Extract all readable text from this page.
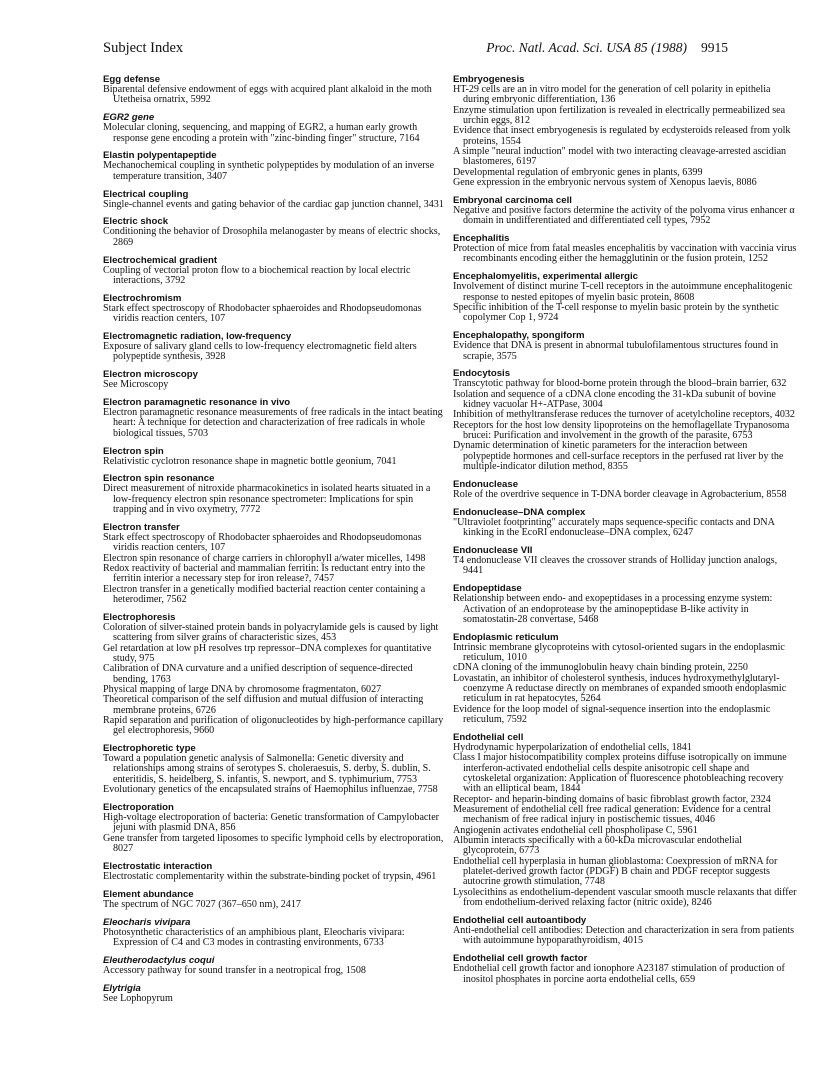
Subject Index	Proc. Natl. Acad. Sci. USA 85 (1988) 9915
Egg defense
Biparental defensive endowment of eggs with acquired plant alkaloid in the moth Utetheisa ornatrix, 5992
EGR2 gene
Molecular cloning, sequencing, and mapping of EGR2, a human early growth response gene encoding a protein with "zinc-binding finger" structure, 7164
Elastin polypentapeptide
Mechanochemical coupling in synthetic polypeptides by modulation of an inverse temperature transition, 3407
Electrical coupling
Single-channel events and gating behavior of the cardiac gap junction channel, 3431
Electric shock
Conditioning the behavior of Drosophila melanogaster by means of electric shocks, 2869
Electrochemical gradient
Coupling of vectorial proton flow to a biochemical reaction by local electric interactions, 3792
Electrochromism
Stark effect spectroscopy of Rhodobacter sphaeroides and Rhodopseudomonas viridis reaction centers, 107
Electromagnetic radiation, low-frequency
Exposure of salivary gland cells to low-frequency electromagnetic field alters polypeptide synthesis, 3928
Electron microscopy
See Microscopy
Electron paramagnetic resonance in vivo
Electron paramagnetic resonance measurements of free radicals in the intact beating heart: A technique for detection and characterization of free radicals in whole biological tissues, 5703
Electron spin
Relativistic cyclotron resonance shape in magnetic bottle geonium, 7041
Electron spin resonance
Direct measurement of nitroxide pharmacokinetics in isolated hearts situated in a low-frequency electron spin resonance spectrometer: Implications for spin trapping and in vivo oxymetry, 7772
Electron transfer
Stark effect spectroscopy of Rhodobacter sphaeroides and Rhodopseudomonas viridis reaction centers, 107
Electron spin resonance of charge carriers in chlorophyll a/water micelles, 1498
Redox reactivity of bacterial and mammalian ferritin: Is reductant entry into the ferritin interior a necessary step for iron release?, 7457
Electron transfer in a genetically modified bacterial reaction center containing a heterodimer, 7562
Electrophoresis
Coloration of silver-stained protein bands in polyacrylamide gels is caused by light scattering from silver grains of characteristic sizes, 453
Gel retardation at low pH resolves trp repressor–DNA complexes for quantitative study, 975
Calibration of DNA curvature and a unified description of sequence-directed bending, 1763
Physical mapping of large DNA by chromosome fragmentaton, 6027
Theoretical comparison of the self diffusion and mutual diffusion of interacting membrane proteins, 6726
Rapid separation and purification of oligonucleotides by high-performance capillary gel electrophoresis, 9660
Electrophoretic type
Toward a population genetic analysis of Salmonella: Genetic diversity and relationships among strains of serotypes S. choleraesuis, S. derby, S. dublin, S. enteritidis, S. heidelberg, S. infantis, S. newport, and S. typhimurium, 7753
Evolutionary genetics of the encapsulated strains of Haemophilus influenzae, 7758
Electroporation
High-voltage electroporation of bacteria: Genetic transformation of Campylobacter jejuni with plasmid DNA, 856
Gene transfer from targeted liposomes to specific lymphoid cells by electroporation, 8027
Electrostatic interaction
Electrostatic complementarity within the substrate-binding pocket of trypsin, 4961
Element abundance
The spectrum of NGC 7027 (367–650 nm), 2417
Eleocharis vivipara
Photosynthetic characteristics of an amphibious plant, Eleocharis vivipara: Expression of C4 and C3 modes in contrasting environments, 6733
Eleutherodactylus coqui
Accessory pathway for sound transfer in a neotropical frog, 1508
Elytrigia
See Lophopyrum
Embryogenesis
HT-29 cells are an in vitro model for the generation of cell polarity in epithelia during embryonic differentiation, 136
Enzyme stimulation upon fertilization is revealed in electrically permeabilized sea urchin eggs, 812
Evidence that insect embryogenesis is regulated by ecdysteroids released from yolk proteins, 1554
A simple "neural induction" model with two interacting cleavage-arrested ascidian blastomeres, 6197
Developmental regulation of embryonic genes in plants, 6399
Gene expression in the embryonic nervous system of Xenopus laevis, 8086
Embryonal carcinoma cell
Negative and positive factors determine the activity of the polyoma virus enhancer α domain in undifferentiated and differentiated cell types, 7952
Encephalitis
Protection of mice from fatal measles encephalitis by vaccination with vaccinia virus recombinants encoding either the hemagglutinin or the fusion protein, 1252
Encephalomyelitis, experimental allergic
Involvement of distinct murine T-cell receptors in the autoimmune encephalitogenic response to nested epitopes of myelin basic protein, 8608
Specific inhibition of the T-cell response to myelin basic protein by the synthetic copolymer Cop 1, 9724
Encephalopathy, spongiform
Evidence that DNA is present in abnormal tubulofilamentous structures found in scrapie, 3575
Endocytosis
Transcytotic pathway for blood-borne protein through the blood–brain barrier, 632
Isolation and sequence of a cDNA clone encoding the 31-kDa subunit of bovine kidney vacuolar H+-ATPase, 3004
Inhibition of methyltransferase reduces the turnover of acetylcholine receptors, 4032
Receptors for the host low density lipoproteins on the hemoflagellate Trypanosoma brucei: Purification and involvement in the growth of the parasite, 6753
Dynamic determination of kinetic parameters for the interaction between polypeptide hormones and cell-surface receptors in the perfused rat liver by the multiple-indicator dilution method, 8355
Endonuclease
Role of the overdrive sequence in T-DNA border cleavage in Agrobacterium, 8558
Endonuclease–DNA complex
"Ultraviolet footprinting" accurately maps sequence-specific contacts and DNA kinking in the EcoRI endonuclease–DNA complex, 6247
Endonuclease VII
T4 endonuclease VII cleaves the crossover strands of Holliday junction analogs, 9441
Endopeptidase
Relationship between endo- and exopeptidases in a processing enzyme system: Activation of an endoprotease by the aminopeptidase B-like activity in somatostatin-28 convertase, 5468
Endoplasmic reticulum
Intrinsic membrane glycoproteins with cytosol-oriented sugars in the endoplasmic reticulum, 1010
cDNA cloning of the immunoglobulin heavy chain binding protein, 2250
Lovastatin, an inhibitor of cholesterol synthesis, induces hydroxymethylglutaryl-coenzyme A reductase directly on membranes of expanded smooth endoplasmic reticulum in rat hepatocytes, 5264
Evidence for the loop model of signal-sequence insertion into the endoplasmic reticulum, 7592
Endothelial cell
Hydrodynamic hyperpolarization of endothelial cells, 1841
Class I major histocompatibility complex proteins diffuse isotropically on immune interferon-activated endothelial cells despite anisotropic cell shape and cytoskeletal organization: Application of fluorescence photobleaching recovery with an elliptical beam, 1844
Receptor- and heparin-binding domains of basic fibroblast growth factor, 2324
Measurement of endothelial cell free radical generation: Evidence for a central mechanism of free radical injury in postischemic tissues, 4046
Angiogenin activates endothelial cell phospholipase C, 5961
Albumin interacts specifically with a 60-kDa microvascular endothelial glycoprotein, 6773
Endothelial cell hyperplasia in human glioblastoma: Coexpression of mRNA for platelet-derived growth factor (PDGF) B chain and PDGF receptor suggests autocrine growth stimulation, 7748
Lysolecithins as endothelium-dependent vascular smooth muscle relaxants that differ from endothelium-derived relaxing factor (nitric oxide), 8246
Endothelial cell autoantibody
Anti-endothelial cell antibodies: Detection and characterization in sera from patients with autoimmune hypoparathyroidism, 4015
Endothelial cell growth factor
Endothelial cell growth factor and ionophore A23187 stimulation of production of inositol phosphates in porcine aorta endothelial cells, 659
